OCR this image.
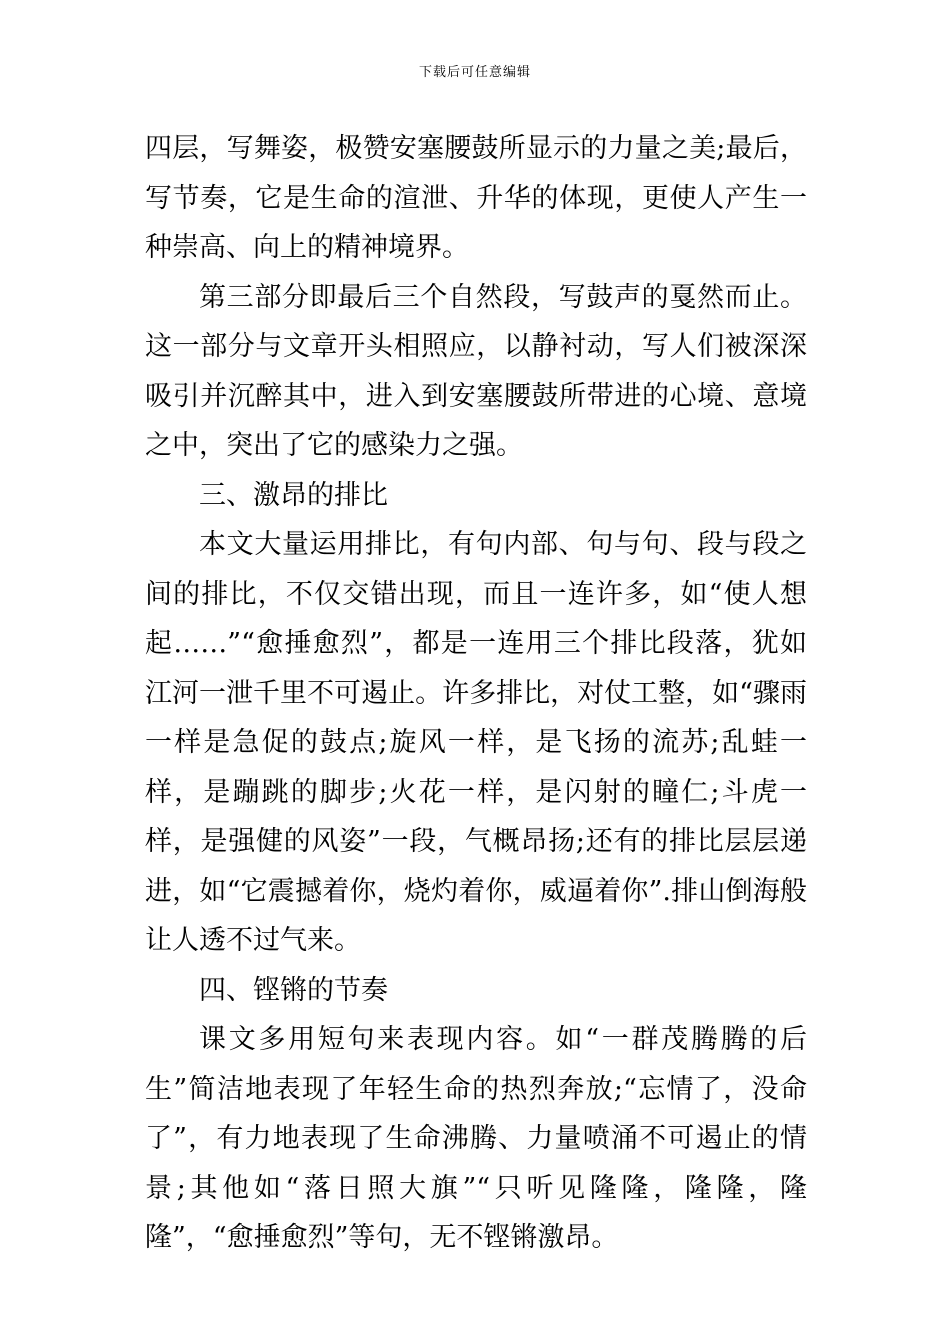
下载后可任意编辑

四层，写舞姿，极赞安塞腰鼓所显示的力量之美;最后，写节奏，它是生命的渲泄、升华的体现，更使人产生一种崇高、向上的精神境界。

第三部分即最后三个自然段，写鼓声的戛然而止。这一部分与文章开头相照应，以静衬动，写人们被深深吸引并沉醉其中，进入到安塞腰鼓所带进的心境、意境之中，突出了它的感染力之强。

三、激昂的排比

本文大量运用排比，有句内部、句与句、段与段之间的排比，不仅交错出现，而且一连许多，如“使人想起……”“愈捶愈烈”，都是一连用三个排比段落，犹如江河一泄千里不可遏止。许多排比，对仗工整，如“骤雨一样是急促的鼓点;旋风一样，是飞扬的流苏;乱蛙一样，是蹦跳的脚步;火花一样，是闪射的瞳仁;斗虎一样，是强健的风姿”一段，气概昂扬;还有的排比层层递进，如“它震撼着你，烧灼着你，威逼着你”.排山倒海般让人透不过气来。

四、铿锵的节奏

课文多用短句来表现内容。如“一群茂腾腾的后生”简洁地表现了年轻生命的热烈奔放;“忘情了，没命了”，有力地表现了生命沸腾、力量喷涌不可遏止的情景;其他如“落日照大旗”“只听见隆隆，隆隆，隆隆”，“愈捶愈烈”等句，无不铿锵激昂。
